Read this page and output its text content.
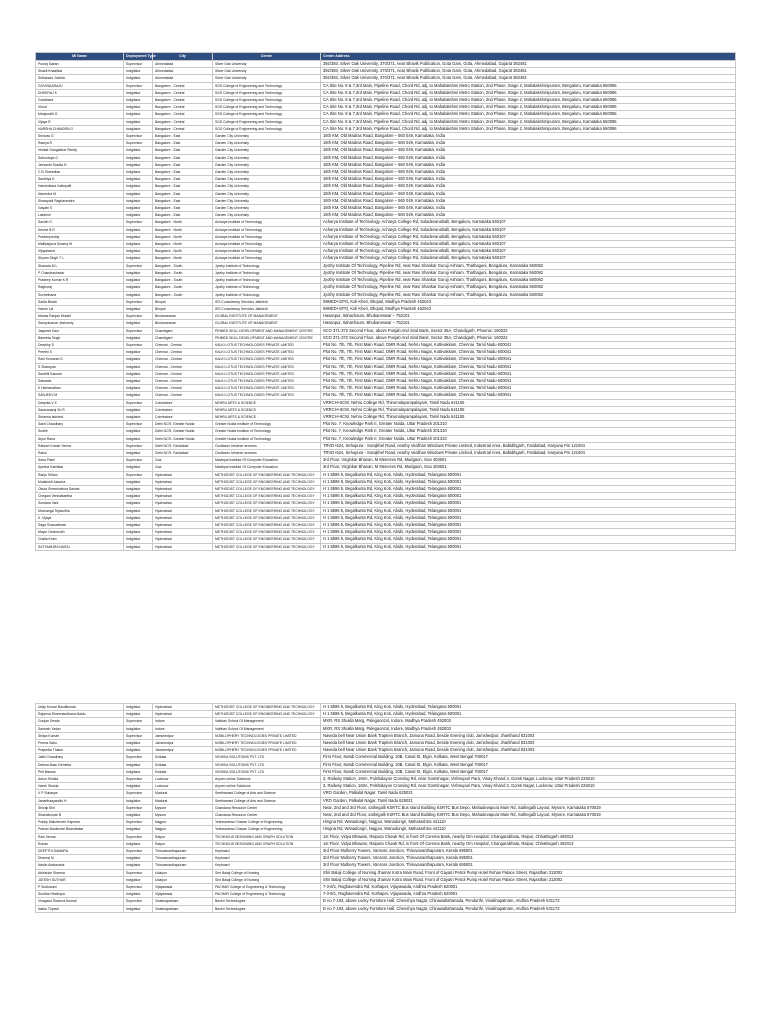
Ml Name	Deployment Type	City	Centre	Centre Address
Pooraj Sabari	Supervisor	Ahmedabad	Silver Oak University	392/393, Silver Oak University, 370/371, near Bhavik Publication, Gota Gam, Gota, Ahmedabad, Gujarat 382481
Shakti Khadilkar	Invigilator	Ahmedabad	Silver Oak University	392/393, Silver Oak University, 370/371, near Bhavik Publication, Gota Gam, Gota, Ahmedabad, Gujarat 382481
Sidhanani Joshita	Invigilator	Ahmedabad	Silver Oak University	392/393, Silver Oak University, 370/371, near Bhavik Publication, Gota Gam, Gota, Ahmedabad, Gujarat 382481
GOVINDARAJU	Supervisor	Bangalore - Central	SGS College of Engineering and Technology	CA Site No. 8 & 7,3rd Main, Pipeline Road, Chord Rd, adj. to Mahalakshmi Metro Station, 2nd Phase, Stage 2, Mahalakshmipuram, Bengaluru, Karnataka 560086
DHEERAJ K	Invigilator	Bangalore - Central	SGS College of Engineering and Technology	CA Site No. 8 & 7,3rd Main, Pipeline Road, Chord Rd, adj. to Mahalakshmi Metro Station, 2nd Phase, Stage 2, Mahalakshmipuram, Bengaluru, Karnataka 560086
Gowthami	Invigilator	Bangalore - Central	SGS College of Engineering and Technology	CA Site No. 8 & 7,3rd Main, Pipeline Road, Chord Rd, adj. to Mahalakshmi Metro Station, 2nd Phase, Stage 2, Mahalakshmipuram, Bengaluru, Karnataka 560086
Vinod	Invigilator	Bangalore - Central	SGS College of Engineering and Technology	CA Site No. 8 & 7,3rd Main, Pipeline Road, Chord Rd, adj. to Mahalakshmi Metro Station, 2nd Phase, Stage 2, Mahalakshmipuram, Bengaluru, Karnataka 560086
Manjunath G	Invigilator	Bangalore - Central	SGS College of Engineering and Technology	CA Site No. 8 & 7,3rd Main, Pipeline Road, Chord Rd, adj. to Mahalakshmi Metro Station, 2nd Phase, Stage 2, Mahalakshmipuram, Bengaluru, Karnataka 560086
Vijaya R	Invigilator	Bangalore - Central	SGS College of Engineering and Technology	CA Site No. 8 & 7,3rd Main, Pipeline Road, Chord Rd, adj. to Mahalakshmi Metro Station, 2nd Phase, Stage 2, Mahalakshmipuram, Bengaluru, Karnataka 560086
HARSHA CHANDRA G	Invigilator	Bangalore - Central	SGS College of Engineering and Technology	CA Site No. 8 & 7,3rd Main, Pipeline Road, Chord Rd, adj. to Mahalakshmi Metro Station, 2nd Phase, Stage 2, Mahalakshmipuram, Bengaluru, Karnataka 560086
Srinivas G	Supervisor	Bangalore - East	Garden City University	16th KM, Old Madras Road, Bangalore – 560 049, Karnataka, India
Ramya R	Supervisor	Bangalore - East	Garden City University	16th KM, Old Madras Road, Bangalore – 560 049, Karnataka, India
Venkat Gangadhar Reddy	Invigilator	Bangalore - East	Garden City University	16th KM, Old Madras Road, Bangalore – 560 049, Karnataka, India
Sahrudaya G	Invigilator	Bangalore - East	Garden City University	16th KM, Old Madras Road, Bangalore – 560 049, Karnataka, India
Jeevanth Sowda N	Invigilator	Bangalore - East	Garden City University	16th KM, Old Madras Road, Bangalore – 560 049, Karnataka, India
C B Shreedhar	Invigilator	Bangalore - East	Garden City University	16th KM, Old Madras Road, Bangalore – 560 049, Karnataka, India
Santhiya K	Invigilator	Bangalore - East	Garden City University	16th KM, Old Madras Road, Bangalore – 560 049, Karnataka, India
Harishrikara Kattepalli	Invigilator	Bangalore - East	Garden City University	16th KM, Old Madras Road, Bangalore – 560 049, Karnataka, India
Narendra M	Invigilator	Bangalore - East	Garden City University	16th KM, Old Madras Road, Bangalore – 560 049, Karnataka, India
Sharayadi Raghavendra	Invigilator	Bangalore - East	Garden City University	16th KM, Old Madras Road, Bangalore – 560 049, Karnataka, India
Gayatri S	Invigilator	Bangalore - East	Garden City University	16th KM, Old Madras Road, Bangalore – 560 049, Karnataka, India
Lakshmi	Invigilator	Bangalore - East	Garden City University	16th KM, Old Madras Road, Bangalore – 560 049, Karnataka, India
Sachin G	Supervisor	Bangalore - North	Acharya Institute of Technology	Acharya Institute of Technology, Acharya College Rd, Soladevanahalli, Bengaluru, Karnataka 560107
Keshvi B R	Invigilator	Bangalore - North	Acharya Institute of Technology	Acharya Institute of Technology, Acharya College Rd, Soladevanahalli, Bengaluru, Karnataka 560107
Pradeepreddy	Invigilator	Bangalore - North	Acharya Institute of Technology	Acharya Institute of Technology, Acharya College Rd, Soladevanahalli, Bengaluru, Karnataka 560107
Mallikarjuna Swamy M	Invigilator	Bangalore - North	Acharya Institute of Technology	Acharya Institute of Technology, Acharya College Rd, Soladevanahalli, Bengaluru, Karnataka 560107
Vijayalaxmi	Invigilator	Bangalore - North	Acharya Institute of Technology	Acharya Institute of Technology, Acharya College Rd, Soladevanahalli, Bengaluru, Karnataka 560107
Shyam Singh T L	Invigilator	Bangalore - North	Acharya Institute of Technology	Acharya Institute of Technology, Acharya College Rd, Soladevanahalli, Bengaluru, Karnataka 560107
Sharada M L	Supervisor	Bangalore - South	Jyothy Institute of Technology	Jyothy Institute Of Technology, Pipeline Rd, near Ravi Shankar Guruji Ashram, Thathaguni, Bengaluru, Karnataka 560082
P Chandrashekar	Invigilator	Bangalore - South	Jyothy Institute of Technology	Jyothy Institute Of Technology, Pipeline Rd, near Ravi Shankar Guruji Ashram, Thathaguni, Bengaluru, Karnataka 560082
Pradeep Kumar K R	Invigilator	Bangalore - South	Jyothy Institute of Technology	Jyothy Institute Of Technology, Pipeline Rd, near Ravi Shankar Guruji Ashram, Thathaguni, Bengaluru, Karnataka 560082
Raghuraj	Invigilator	Bangalore - South	Jyothy Institute of Technology	Jyothy Institute Of Technology, Pipeline Rd, near Ravi Shankar Guruji Ashram, Thathaguni, Bengaluru, Karnataka 560082
Suchethana	Invigilator	Bangalore - South	Jyothy Institute of Technology	Jyothy Institute Of Technology, Pipeline Rd, near Ravi Shankar Guruji Ashram, Thathaguni, Bengaluru, Karnataka 560082
Sarita Bharti	Supervisor	Bhopal	IES Consultancy Services Jatkhedi	IMMED+GPO, Koli Kheri, Bhopal, Madhya Pradesh 462043
Harish Lal	Invigilator	Bhopal	IES Consultancy Services Jatkhedi	IMMED+GPO, Koli Kheri, Bhopal, Madhya Pradesh 462043
Manas Ranjan Mudali	Supervisor	Bhubaneswar	GLOBAL INSTITUTE OF MANAGEMENT	Hasanpur, Itahachaurs, Bhubaneswar – 752101
Samyukamar Jeshuerty	Invigilator	Bhubaneswar	GLOBAL INSTITUTE OF MANAGEMENT	Hasanpur, Itahachaurs, Bhubaneswar – 752101
Jaspreet Kaur	Supervisor	Chandigarh	PIHMED SKILL DEVELOPMENT AND MANAGEMENT CENTRE	SCO 371-372 Second Floor, above Punjab And Sind Bank, Sector 35A, Chandigarh, Phoenix: 160022
Baneeta Singh	Invigilator	Chandigarh	PIHMED SKILL DEVELOPMENT AND MANAGEMENT CENTRE	SCO 371-372 Second Floor, above Punjab And Sind Bank, Sector 35A, Chandigarh, Phoenix: 160022
Deepthy D	Supervisor	Chennai - Central	KALKI LOTUS TECHNOLOGIES PRIVATE LIMITED	Plot No. 7th, 7th, First Main Road, OMR Road, Nehru Nagar, Kottivakkam, Chennai, Tamil Nadu 600041
Preethi S	Invigilator	Chennai - Central	KALKI LOTUS TECHNOLOGIES PRIVATE LIMITED	Plot No. 7th, 7th, First Main Road, OMR Road, Nehru Nagar, Kottivakkam, Chennai, Tamil Nadu 600041
Ravi Kumaran S	Invigilator	Chennai - Central	KALKI LOTUS TECHNOLOGIES PRIVATE LIMITED	Plot No. 7th, 7th, First Main Road, OMR Road, Nehru Nagar, Kottivakkam, Chennai, Tamil Nadu 600041
S Sharayan	Invigilator	Chennai - Central	KALKI LOTUS TECHNOLOGIES PRIVATE LIMITED	Plot No. 7th, 7th, First Main Road, OMR Road, Nehru Nagar, Kottivakkam, Chennai, Tamil Nadu 600041
Santhiti Kannan	Invigilator	Chennai - Central	KALKI LOTUS TECHNOLOGIES PRIVATE LIMITED	Plot No. 7th, 7th, First Main Road, OMR Road, Nehru Nagar, Kottivakkam, Chennai, Tamil Nadu 600041
Sabarais	Invigilator	Chennai - Central	KALKI LOTUS TECHNOLOGIES PRIVATE LIMITED	Plot No. 7th, 7th, First Main Road, OMR Road, Nehru Nagar, Kottivakkam, Chennai, Tamil Nadu 600041
K Hemanathan	Invigilator	Chennai - Central	KALKI LOTUS TECHNOLOGIES PRIVATE LIMITED	Plot No. 7th, 7th, First Main Road, OMR Road, Nehru Nagar, Kottivakkam, Chennai, Tamil Nadu 600041
SANJEEV M	Invigilator	Chennai - Central	KALKI LOTUS TECHNOLOGIES PRIVATE LIMITED	Plot No. 7th, 7th, First Main Road, OMR Road, Nehru Nagar, Kottivakkam, Chennai, Tamil Nadu 600041
Deepika V K	Supervisor	Coimbatore	NEHRU ARTS & SCIENCE	VRRCH+6CW, Nehru College Rd, Thirumalayampalayam, Tamil Nadu 641105
Saravanaraj Sri R	Invigilator	Coimbatore	NEHRU ARTS & SCIENCE	VRRCH+6CW, Nehru College Rd, Thirumalayampalayam, Tamil Nadu 641105
Sriranna lakshmi	Invigilator	Coimbatore	NEHRU ARTS & SCIENCE	VRRCH+6CW, Nehru College Rd, Thirumalayampalayam, Tamil Nadu 641105
Sakti Chaudhary	Supervisor	Delhi NCR- Greater Noida	Greater Noida Institute of Technology	Plot No. 7, Knowledge Park II, Greater Noida, Uttar Pradesh 201310
Sudhir	Invigilator	Delhi NCR- Greater Noida	Greater Noida Institute of Technology	Plot No. 7, Knowledge Park II, Greater Noida, Uttar Pradesh 201310
Arjun Rana	Invigilator	Delhi NCR- Greater Noida	Greater Noida Institute of Technology	Plot No. 7, Knowledge Park II, Greater Noida, Uttar Pradesh 201310
Rakesh Kumar Verma	Supervisor	Delhi NCR- Faridabad	Cindfaxeo Infotech services	TRVD+624, Sehupura - Surajkhel Road, nearby Vardhan Windows Private Limited, Industrial Area, Ballabhgarh, Faridabad, Haryana Pin 121004
Rahul	Invigilator	Delhi NCR- Faridabad	Cindfaxeo Infotech services	TRVD+624, Sehupura - Surajkhel Road, nearby Vardhan Windows Private Limited, Industrial Area, Ballabhgarh, Faridabad, Haryana Pin 121004
Sana Patel	Supervisor	Goa	Maviepal Institute Of Computer Education	3rd Floor, Virginkar Bhavan, M Menezes Rd, Madgaon, Goa 403601
Ayesha Kamlikar	Invigilator	Goa	Maviepal Institute Of Computer Education	3rd Floor, Virginkar Bhavan, M Menezes Rd, Madgaon, Goa 403601
Ranju Tellam	Supervisor	Hyderabad	METHODIST COLLEGE OF ENGINEERING AND TECHNOLOGY	H 1 5596 5, Begalkunta Rd, King Koti, Abids, Hyderabad, Telangana 500001
Mutakshit Jatavna	Invigilator	Hyderabad	METHODIST COLLEGE OF ENGINEERING AND TECHNOLOGY	H 1 5596 5, Begalkunta Rd, King Koti, Abids, Hyderabad, Telangana 500001
Obula Shreekrishna Sanaie	Invigilator	Hyderabad	METHODIST COLLEGE OF ENGINEERING AND TECHNOLOGY	H 1 5596 5, Begalkunta Rd, King Koti, Abids, Hyderabad, Telangana 500001
Chegani Venkatkantha	Invigilator	Hyderabad	METHODIST COLLEGE OF ENGINEERING AND TECHNOLOGY	H 1 5596 5, Begalkunta Rd, King Koti, Abids, Hyderabad, Telangana 500001
Sundara Vani	Invigilator	Hyderabad	METHODIST COLLEGE OF ENGINEERING AND TECHNOLOGY	H 1 5596 5, Begalkunta Rd, King Koti, Abids, Hyderabad, Telangana 500001
Muvvanga Tejasvitha	Invigilator	Hyderabad	METHODIST COLLEGE OF ENGINEERING AND TECHNOLOGY	H 1 5596 5, Begalkunta Rd, King Koti, Abids, Hyderabad, Telangana 500001
K. Vijaya	Invigilator	Hyderabad	METHODIST COLLEGE OF ENGINEERING AND TECHNOLOGY	H 1 5596 5, Begalkunta Rd, King Koti, Abids, Hyderabad, Telangana 500001
Saga Gnanadevan	Invigilator	Hyderabad	METHODIST COLLEGE OF ENGINEERING AND TECHNOLOGY	H 1 5596 5, Begalkunta Rd, King Koti, Abids, Hyderabad, Telangana 500001
Mayur Deshmukh	Invigilator	Hyderabad	METHODIST COLLEGE OF ENGINEERING AND TECHNOLOGY	H 1 5596 5, Begalkunta Rd, King Koti, Abids, Hyderabad, Telangana 500001
Challa Kiran	Invigilator	Hyderabad	METHODIST COLLEGE OF ENGINEERING AND TECHNOLOGY	H 1 5596 5, Begalkunta Rd, King Koti, Abids, Hyderabad, Telangana 500001
SATYAMURA NAIDU	Invigilator	Hyderabad	METHODIST COLLEGE OF ENGINEERING AND TECHNOLOGY	H 1 5596 5, Begalkunta Rd, King Koti, Abids, Hyderabad, Telangana 500001
Uday Kumar Bandikonda	Invigilator	Hyderabad	METHODIST COLLEGE OF ENGINEERING AND TECHNOLOGY	H 1 5596 5, Begalkunta Rd, King Koti, Abids, Hyderabad, Telangana 500001
Rajanna Shreenandhana Naidu	Invigilator	Hyderabad	METHODIST COLLEGE OF ENGINEERING AND TECHNOLOGY	H 1 5596 5, Begalkunta Rd, King Koti, Abids, Hyderabad, Telangana 500001
Gunjan Dewta	Supervisor	Indore	Vaibhav School Of Management	MXR, RS Shukla Marg, Palegaonzol, Indore, Madhya Pradesh 452003
Santosh Yadav	Invigilator	Indore	Vaibhav School Of Management	MXR, RS Shukla Marg, Palegaonzol, Indore, Madhya Pradesh 452003
Shilpa Kumari	Supervisor	Jamshedpur	NOBILOPHERY TECHNOLOGIES PRIVATE LIMITED	Naveda bell Near Union Bank Traptein Branch, Jamuna Road, beside Evening club, Jamshedpur, Jharkhand 831003
Prerna Sahu	Invigilator	Jamshedpur	NOBILOPHERY TECHNOLOGIES PRIVATE LIMITED	Naveda bell Near Union Bank Traptein Branch, Jamuna Road, beside Evening club, Jamshedpur, Jharkhand 831003
Prajwolla Thakur	Invigilator	Jamshedpur	NOBILOPHERY TECHNOLOGIES PRIVATE LIMITED	Naveda bell Near Union Bank Traptein Branch, Jamuna Road, beside Evening club, Jamshedpur, Jharkhand 831003
Jalkli Chaudhary	Supervisor	Kolkata	VIDHIKA SOLUTIONS PVT. LTD	First Floor, Nandi Commercial Building, 10B, Canal St, Elgin, Kolkata, West Bengal 700017
Debina Basu Demetia	Invigilator	Kolkata	VIDHIKA SOLUTIONS PVT. LTD	First Floor, Nandi Commercial Building, 10B, Canal St, Elgin, Kolkata, West Bengal 700017
Priti Biswas	Invigilator	Kolkata	VIDHIKA SOLUTIONS PVT. LTD	First Floor, Nandi Commercial Building, 10B, Canal St, Elgin, Kolkata, West Bengal 700017
Ankur Shukla	Supervisor	Lucknow	Aryzen online Solutions	3, Railway Station, 160A, Polshalayon Crossing Rd, near Gomtinagar, Vishnupuri Para, Vinay Khand 3, Gomti Nagar, Lucknow, Uttar Pradesh 226010
Harsh Shukla	Invigilator	Lucknow	Aryzen online Solutions	3, Railway Station, 160A, Polshalayon Crossing Rd, near Gomtinagar, Vishnupuri Para, Vinay Khand 3, Gomti Nagar, Lucknow, Uttar Pradesh 226010
V P Sukanya	Supervisor	Madurai	Seethamani College of Arts and Science	VRO Garden, Palkulal Nagar, Tamil Nadu 625021
Janarthaayandhi H	Invigilator	Madurai	Seethamani College of Arts and Science	VRO Garden, Palkulal Nagar, Tamil Nadu 625021
Shivaji Shri	Supervisor	Mysore	Chandana Resource Center	Near, 2nd and 3rd Floor, sathegalli KSRTC Bus stand Building KSRTC Bus Depo, Mahadevapura Main Rd, Sathegalli Layout, Mysore, Karnataka 570019
Shashikumar B	Invigilator	Mysore	Chandana Resource Center	Near, 2nd and 3rd Floor, sathegalli KSRTC Bus stand Building KSRTC Bus Depo, Mahadevapura Main Rd, Sathegalli Layout, Mysore, Karnataka 570019
Pradip Malcherven Kapshar	Supervisor	Nagpur	Yeshwantrao Chavan College of Engineering	Hingna Rd, Wanadongri, Nagpur, Wanadongri, Maharashtra 441110
Pranav Bankhede Bhandarkar	Invigilator	Nagpur	Yeshwantrao Chavan College of Engineering	Hingna Rd, Wanadongri, Nagpur, Wanadongri, Maharashtra 441110
Ravi Verma	Supervisor	Raipur	TECHNOUS DESIGNING AND GRAPH SOLUTION	1st Floor, Vidya Bhawan, Raipura Chowk Rd, in front Of Corema Bank, nearby Om Hospital, Changarabhata, Raipur, Chhattisgarh 492013
Rohan	Invigilator	Raipur	TECHNOUS DESIGNING AND GRAPH SOLUTION	1st Floor, Vidya Bhawan, Raipura Chowk Rd, in front Of Corema Bank, nearby Om Hospital, Changarabhata, Raipur, Chhattisgarh 492013
DEEPTHI DAMARA	Supervisor	Thiruvananthapuram	Keyboard	3rd Floor Mulberry Towers, Vanross Junction, Thiruvananthapuram, Kerala 695001
Dheeraj M	Invigilator	Thiruvananthapuram	Keyboard	3rd Floor Mulberry Towers, Vanross Junction, Thiruvananthapuram, Kerala 695001
Navlin Ambavarla	Invigilator	Thiruvananthapuram	Keyboard	3rd Floor Mulberry Towers, Vanross Junction, Thiruvananthapuram, Kerala 695001
Abhishke Sharma	Supervisor	Udaipur	Shri Balaji College of Nursing	Shri Balaji College of Nursing Jhamar Kotra Main Road, Front of Gayatri Petrol Pump Hotel Rohan Palace Street, Rajasthan 313002
JATESH SUTHAR	Invigilator	Udaipur	Shri Balaji College of Nursing	Shri Balaji College of Nursing Jhamar Kotra Main Road, Front of Gayatri Petrol Pump Hotel Rohan Palace Street, Rajasthan 313002
P Sudharani	Supervisor	Vijayawada	PACHAR College of Engineering & Technology	7-3-8/1, Raghavendra Rd, Kothapet, Vijayawada, Andhra Pradesh 520001
Sunitha Hindhaya	Invigilator	Vijayawada	PACHAR College of Engineering & Technology	7-3-8/1, Raghavendra Rd, Kothapet, Vijayawada, Andhra Pradesh 520001
Vinayaka Sivanna Kumari	Supervisor	Visakhapatnam	Baxen Technologies	D no 7-183, above Lucky Furniture Hall, Chenshya Nagar, Chinawaltahanada, Pendurthi, Visakhapatnam, Andhra Pradesh 531173
Narko Thyavri	Invigilator	Visakhapatnam	Baxen Technologies	D no 7-183, above Lucky Furniture Hall, Chenshya Nagar, Chinawaltahanada, Pendurthi, Visakhapatnam, Andhra Pradesh 531173
